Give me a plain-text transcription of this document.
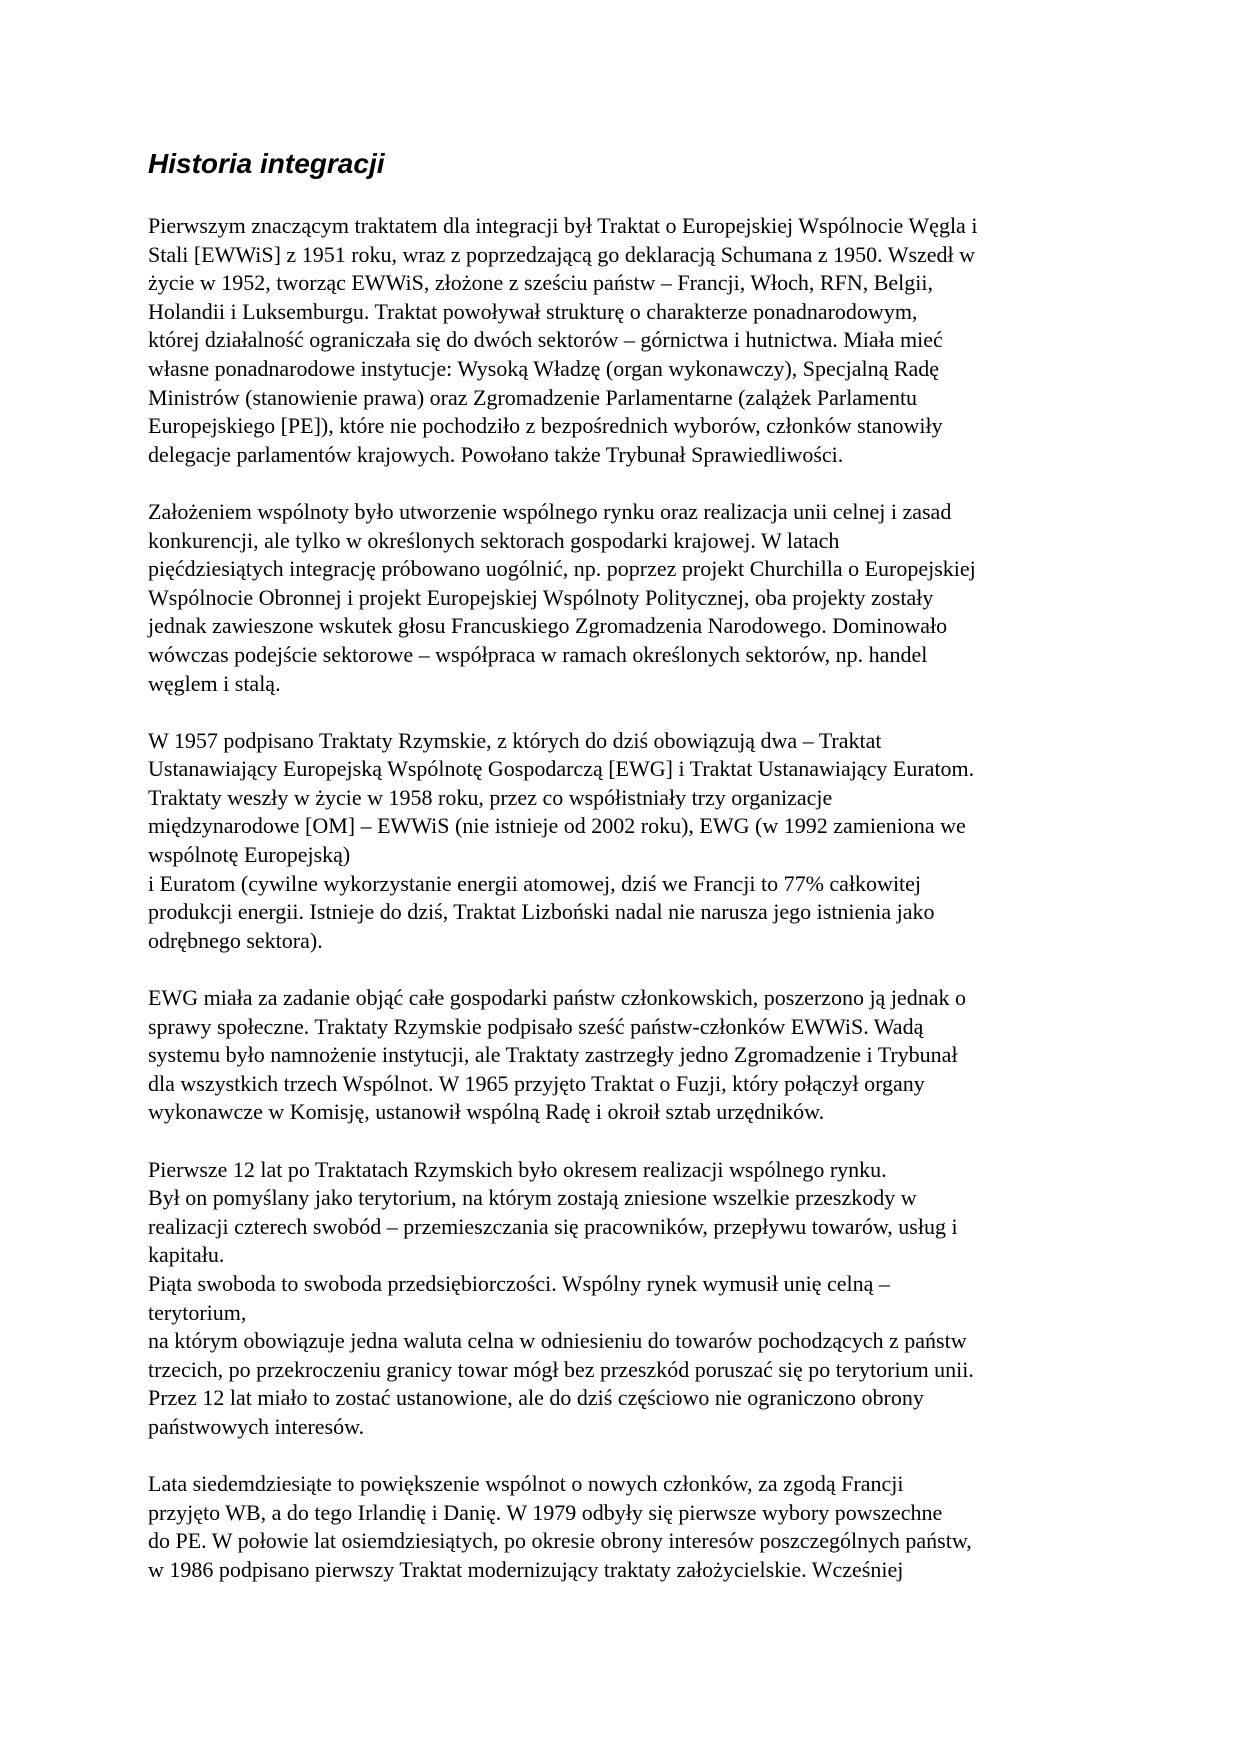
Historia integracji
Pierwszym znaczącym traktatem dla integracji był Traktat o Europejskiej Wspólnocie Węgla i
Stali [EWWiS] z 1951 roku, wraz z poprzedzającą go deklaracją Schumana z 1950. Wszedł w
życie w 1952, tworząc EWWiS, złożone z sześciu państw – Francji, Włoch, RFN, Belgii,
Holandii i Luksemburgu. Traktat powoływał strukturę o charakterze ponadnarodowym,
której działalność ograniczała się do dwóch sektorów – górnictwa i hutnictwa. Miała mieć
własne ponadnarodowe instytucje: Wysoką Władzę (organ wykonawczy), Specjalną Radę
Ministrów (stanowienie prawa) oraz Zgromadzenie Parlamentarne (zalążek Parlamentu
Europejskiego [PE]), które nie pochodziło z bezpośrednich wyborów, członków stanowiły
delegacje parlamentów krajowych. Powołano także Trybunał Sprawiedliwości.
Założeniem wspólnoty było utworzenie wspólnego rynku oraz realizacja unii celnej i zasad
konkurencji, ale tylko w określonych sektorach gospodarki krajowej. W latach
pięćdziesiątych integrację próbowano uogólnić, np. poprzez projekt Churchilla o Europejskiej
Wspólnocie Obronnej i projekt Europejskiej Wspólnoty Politycznej, oba projekty zostały
jednak zawieszone wskutek głosu Francuskiego Zgromadzenia Narodowego. Dominowało
wówczas podejście sektorowe – współpraca w ramach określonych sektorów, np. handel
węglem i stalą.
W 1957 podpisano Traktaty Rzymskie, z których do dziś obowiązują dwa – Traktat
Ustanawiający Europejską Wspólnotę Gospodarczą [EWG] i Traktat Ustanawiający Euratom.
Traktaty weszły w życie w 1958 roku, przez co współistniały trzy organizacje
międzynarodowe [OM] – EWWiS (nie istnieje od 2002 roku), EWG (w 1992 zamieniona we
wspólnotę Europejską)
i Euratom (cywilne wykorzystanie energii atomowej, dziś we Francji to 77% całkowitej
produkcji energii. Istnieje do dziś, Traktat Lizboński nadal nie narusza jego istnienia jako
odrębnego sektora).
EWG miała za zadanie objąć całe gospodarki państw członkowskich, poszerzono ją jednak o
sprawy społeczne. Traktaty Rzymskie podpisało sześć państw-członków EWWiS. Wadą
systemu było namnożenie instytucji, ale Traktaty zastrzegły jedno Zgromadzenie i Trybunał
dla wszystkich trzech Wspólnot. W 1965 przyjęto Traktat o Fuzji, który połączył organy
wykonawcze w Komisję, ustanowił wspólną Radę i okroił sztab urzędników.
Pierwsze 12 lat po Traktatach Rzymskich było okresem realizacji wspólnego rynku.
Był on pomyślany jako terytorium, na którym zostają zniesione wszelkie przeszkody w
realizacji czterech swobód – przemieszczania się pracowników, przepływu towarów, usług i
kapitału.
Piąta swoboda to swoboda przedsiębiorczości. Wspólny rynek wymusił unię celną –
terytorium,
na którym obowiązuje jedna waluta celna w odniesieniu do towarów pochodzących z państw
trzecich, po przekroczeniu granicy towar mógł bez przeszkód poruszać się po terytorium unii.
Przez 12 lat miało to zostać ustanowione, ale do dziś częściowo nie ograniczono obrony
państwowych interesów.
Lata siedemdziesiąte to powiększenie wspólnot o nowych członków, za zgodą Francji
przyjęto WB, a do tego Irlandię i Danię. W 1979 odbyły się pierwsze wybory powszechne
do PE. W połowie lat osiemdziesiątych, po okresie obrony interesów poszczególnych państw,
w 1986 podpisano pierwszy Traktat modernizujący traktaty założycielskie. Wcześniej
